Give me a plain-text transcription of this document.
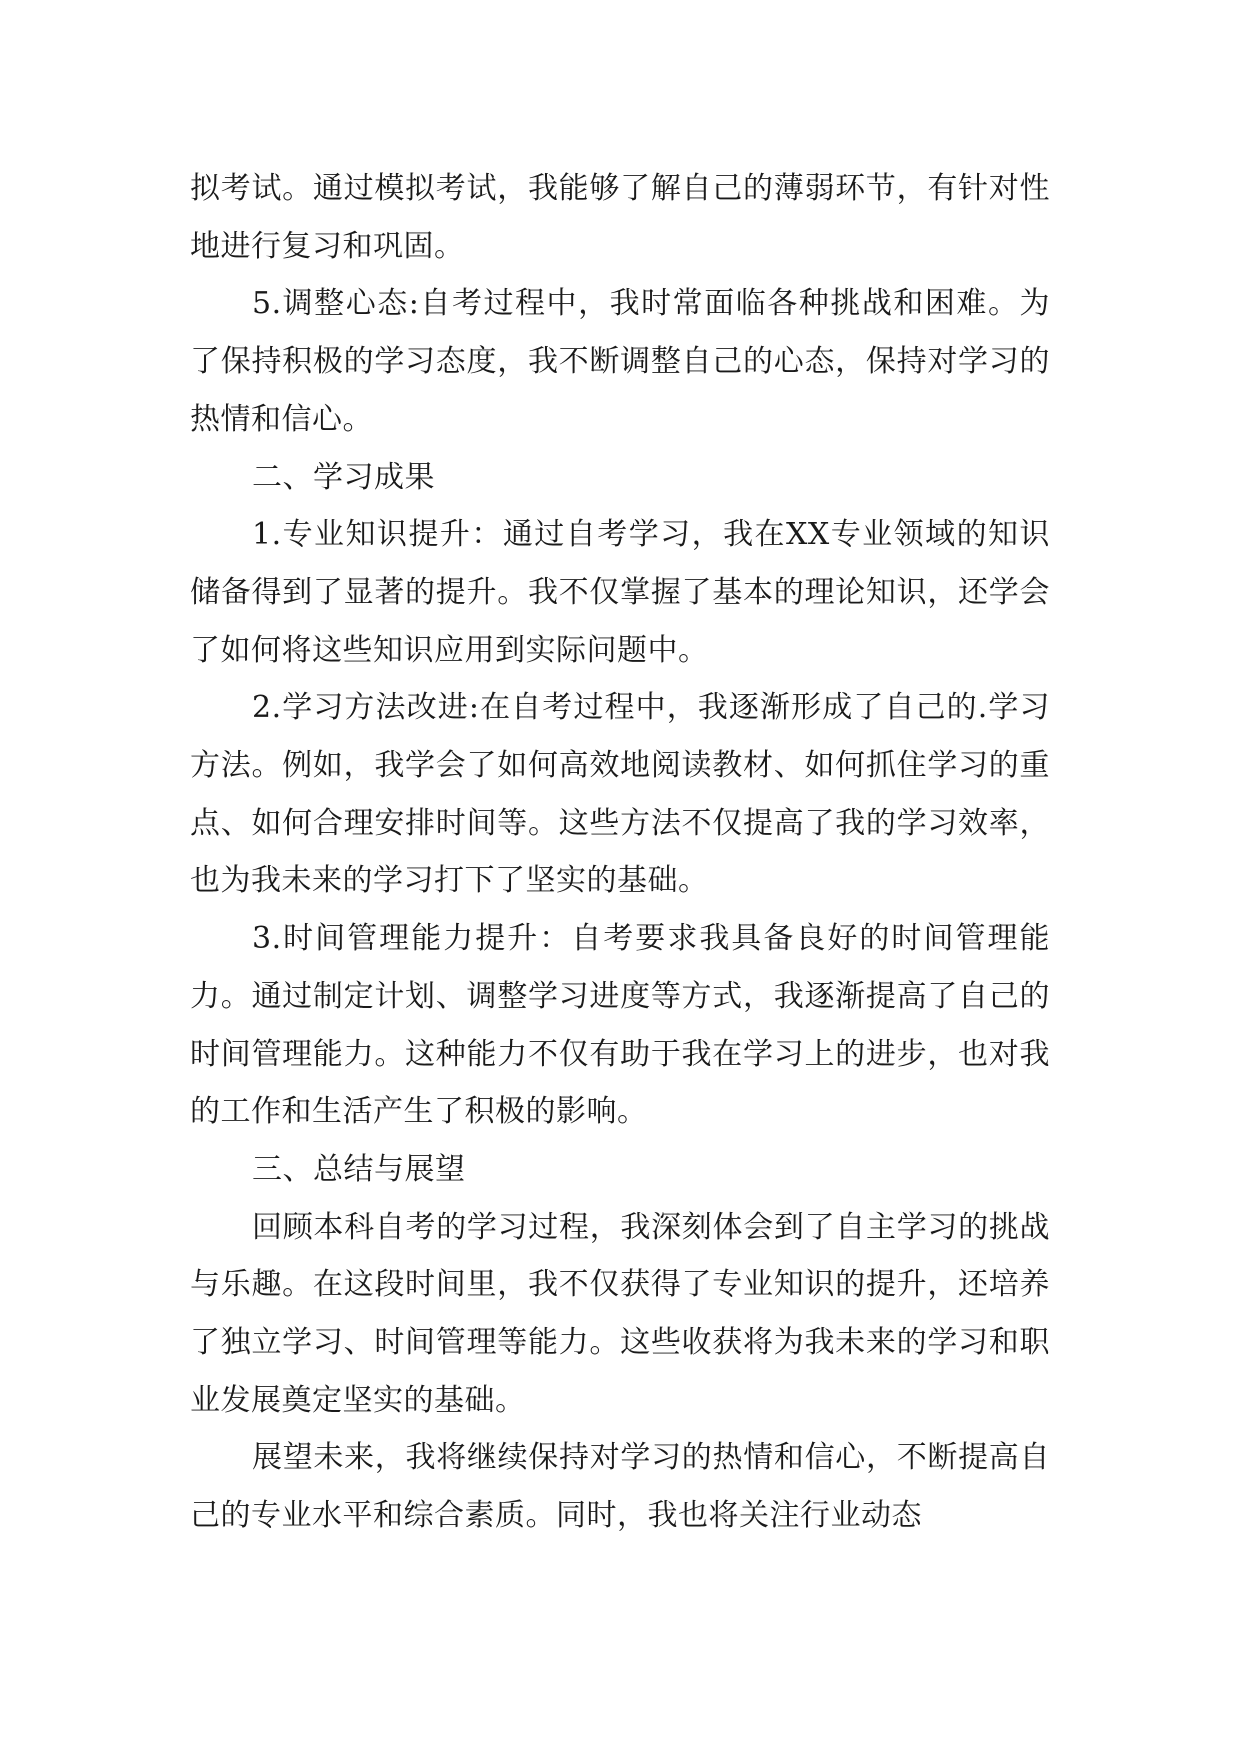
拟考试。通过模拟考试，我能够了解自己的薄弱环节，有针对性地进行复习和巩固。

5.调整心态:自考过程中，我时常面临各种挑战和困难。为了保持积极的学习态度，我不断调整自己的心态，保持对学习的热情和信心。

二、学习成果

1.专业知识提升：通过自考学习，我在XX专业领域的知识储备得到了显著的提升。我不仅掌握了基本的理论知识，还学会了如何将这些知识应用到实际问题中。

2.学习方法改进:在自考过程中，我逐渐形成了自己的.学习方法。例如，我学会了如何高效地阅读教材、如何抓住学习的重点、如何合理安排时间等。这些方法不仅提高了我的学习效率，也为我未来的学习打下了坚实的基础。

3.时间管理能力提升：自考要求我具备良好的时间管理能力。通过制定计划、调整学习进度等方式，我逐渐提高了自己的时间管理能力。这种能力不仅有助于我在学习上的进步，也对我的工作和生活产生了积极的影响。

三、总结与展望

回顾本科自考的学习过程，我深刻体会到了自主学习的挑战与乐趣。在这段时间里，我不仅获得了专业知识的提升，还培养了独立学习、时间管理等能力。这些收获将为我未来的学习和职业发展奠定坚实的基础。

展望未来，我将继续保持对学习的热情和信心，不断提高自己的专业水平和综合素质。同时，我也将关注行业动态
